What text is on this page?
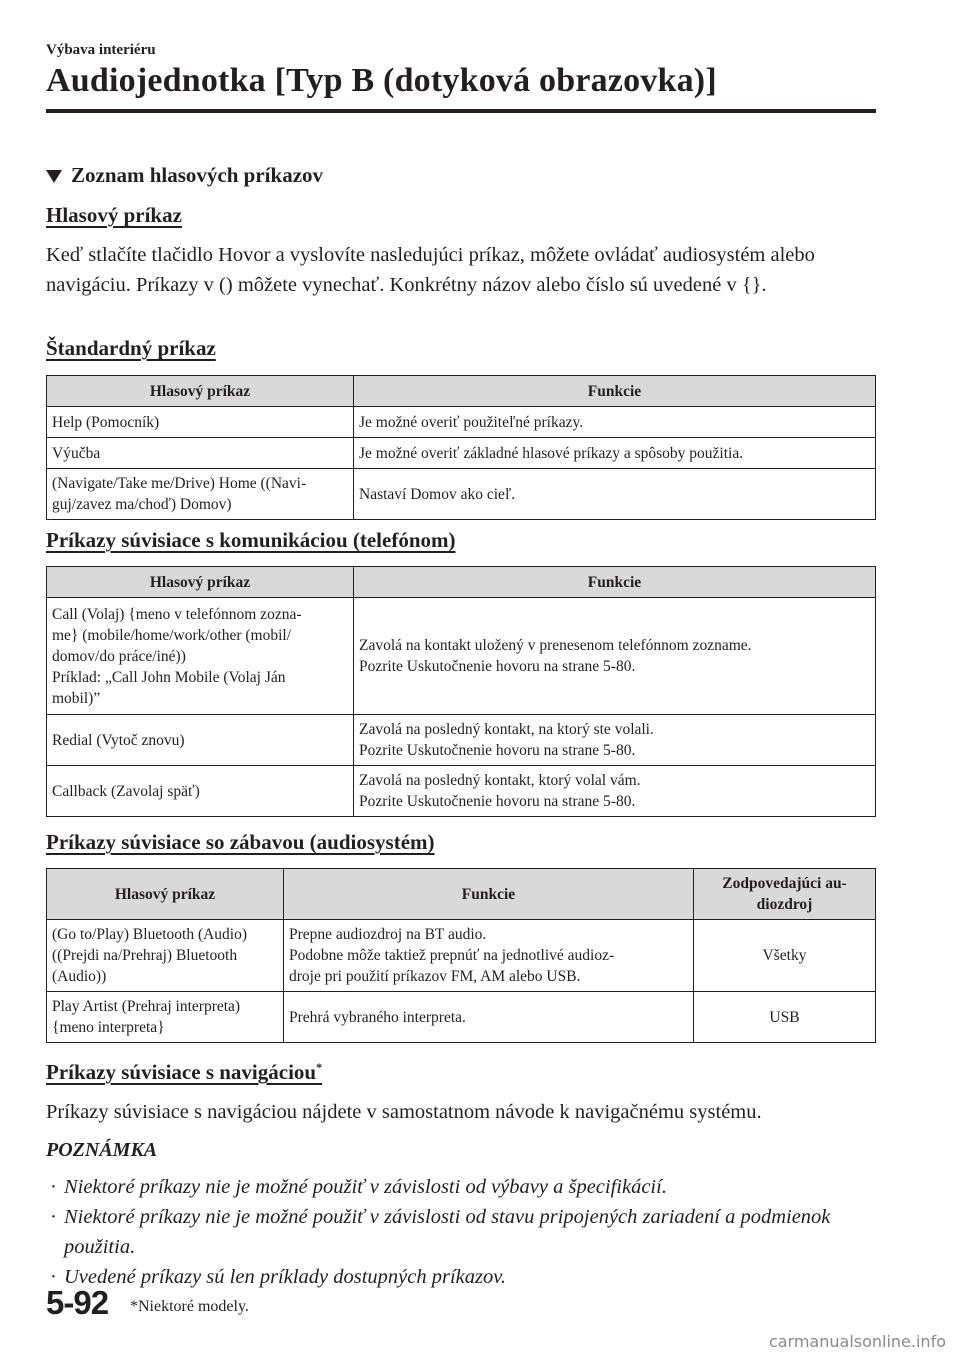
Výbava interiéru
Audiojednotka [Typ B (dotyková obrazovka)]
Zoznam hlasových príkazov
Hlasový príkaz
Keď stlačíte tlačidlo Hovor a vyslovíte nasledujúci príkaz, môžete ovládať audiosystém alebo navigáciu. Príkazy v () môžete vynechať. Konkrétny názov alebo číslo sú uvedené v {}.
Štandardný príkaz
Hlasový príkaz	Funkcie

Help (Pomocník)	Je možné overiť použiteľné príkazy.

Výučba	Je možné overiť základné hlasové príkazy a spôsoby použitia.

(Navigate/Take me/Drive) Home ((Navi-
guj/zavez ma/choď) Domov)	Nastaví Domov ako cieľ.
Príkazy súvisiace s komunikáciou (telefónom)
Hlasový príkaz	Funkcie

Call (Volaj) {meno v telefónnom zozna-
me} (mobile/home/work/other (mobil/
domov/do práce/iné))
Príklad: „Call John Mobile (Volaj Ján
mobil)”	Zavolá na kontakt uložený v prenesenom telefónnom zozname.
Pozrite Uskutočnenie hovoru na strane 5-80.

Redial (Vytoč znovu)	Zavolá na posledný kontakt, na ktorý ste volali.
Pozrite Uskutočnenie hovoru na strane 5-80.

Callback (Zavolaj späť)	Zavolá na posledný kontakt, ktorý volal vám.
Pozrite Uskutočnenie hovoru na strane 5-80.
Príkazy súvisiace so zábavou (audiosystém)
Hlasový príkaz	Funkcie	Zodpovedajúci au-
diozdroj

(Go to/Play) Bluetooth (Audio)
((Prejdi na/Prehraj) Bluetooth
(Audio))	Prepne audiozdroj na BT audio.
Podobne môže taktiež prepnúť na jednotlivé audioz-
droje pri použití príkazov FM, AM alebo USB.	Všetky

Play Artist (Prehraj interpreta)
{meno interpreta}	Prehrá vybraného interpreta.	USB
Príkazy súvisiace s navigáciou*
Príkazy súvisiace s navigáciou nájdete v samostatnom návode k navigačnému systému.
POZNÁMKA
· Niektoré príkazy nie je možné použiť v závislosti od výbavy a špecifikácií.
· Niektoré príkazy nie je možné použiť v závislosti od stavu pripojených zariadení a podmienok použitia.
· Uvedené príkazy sú len príklady dostupných príkazov.
5-92 *Niektoré modely.
carmanualsonline.info
